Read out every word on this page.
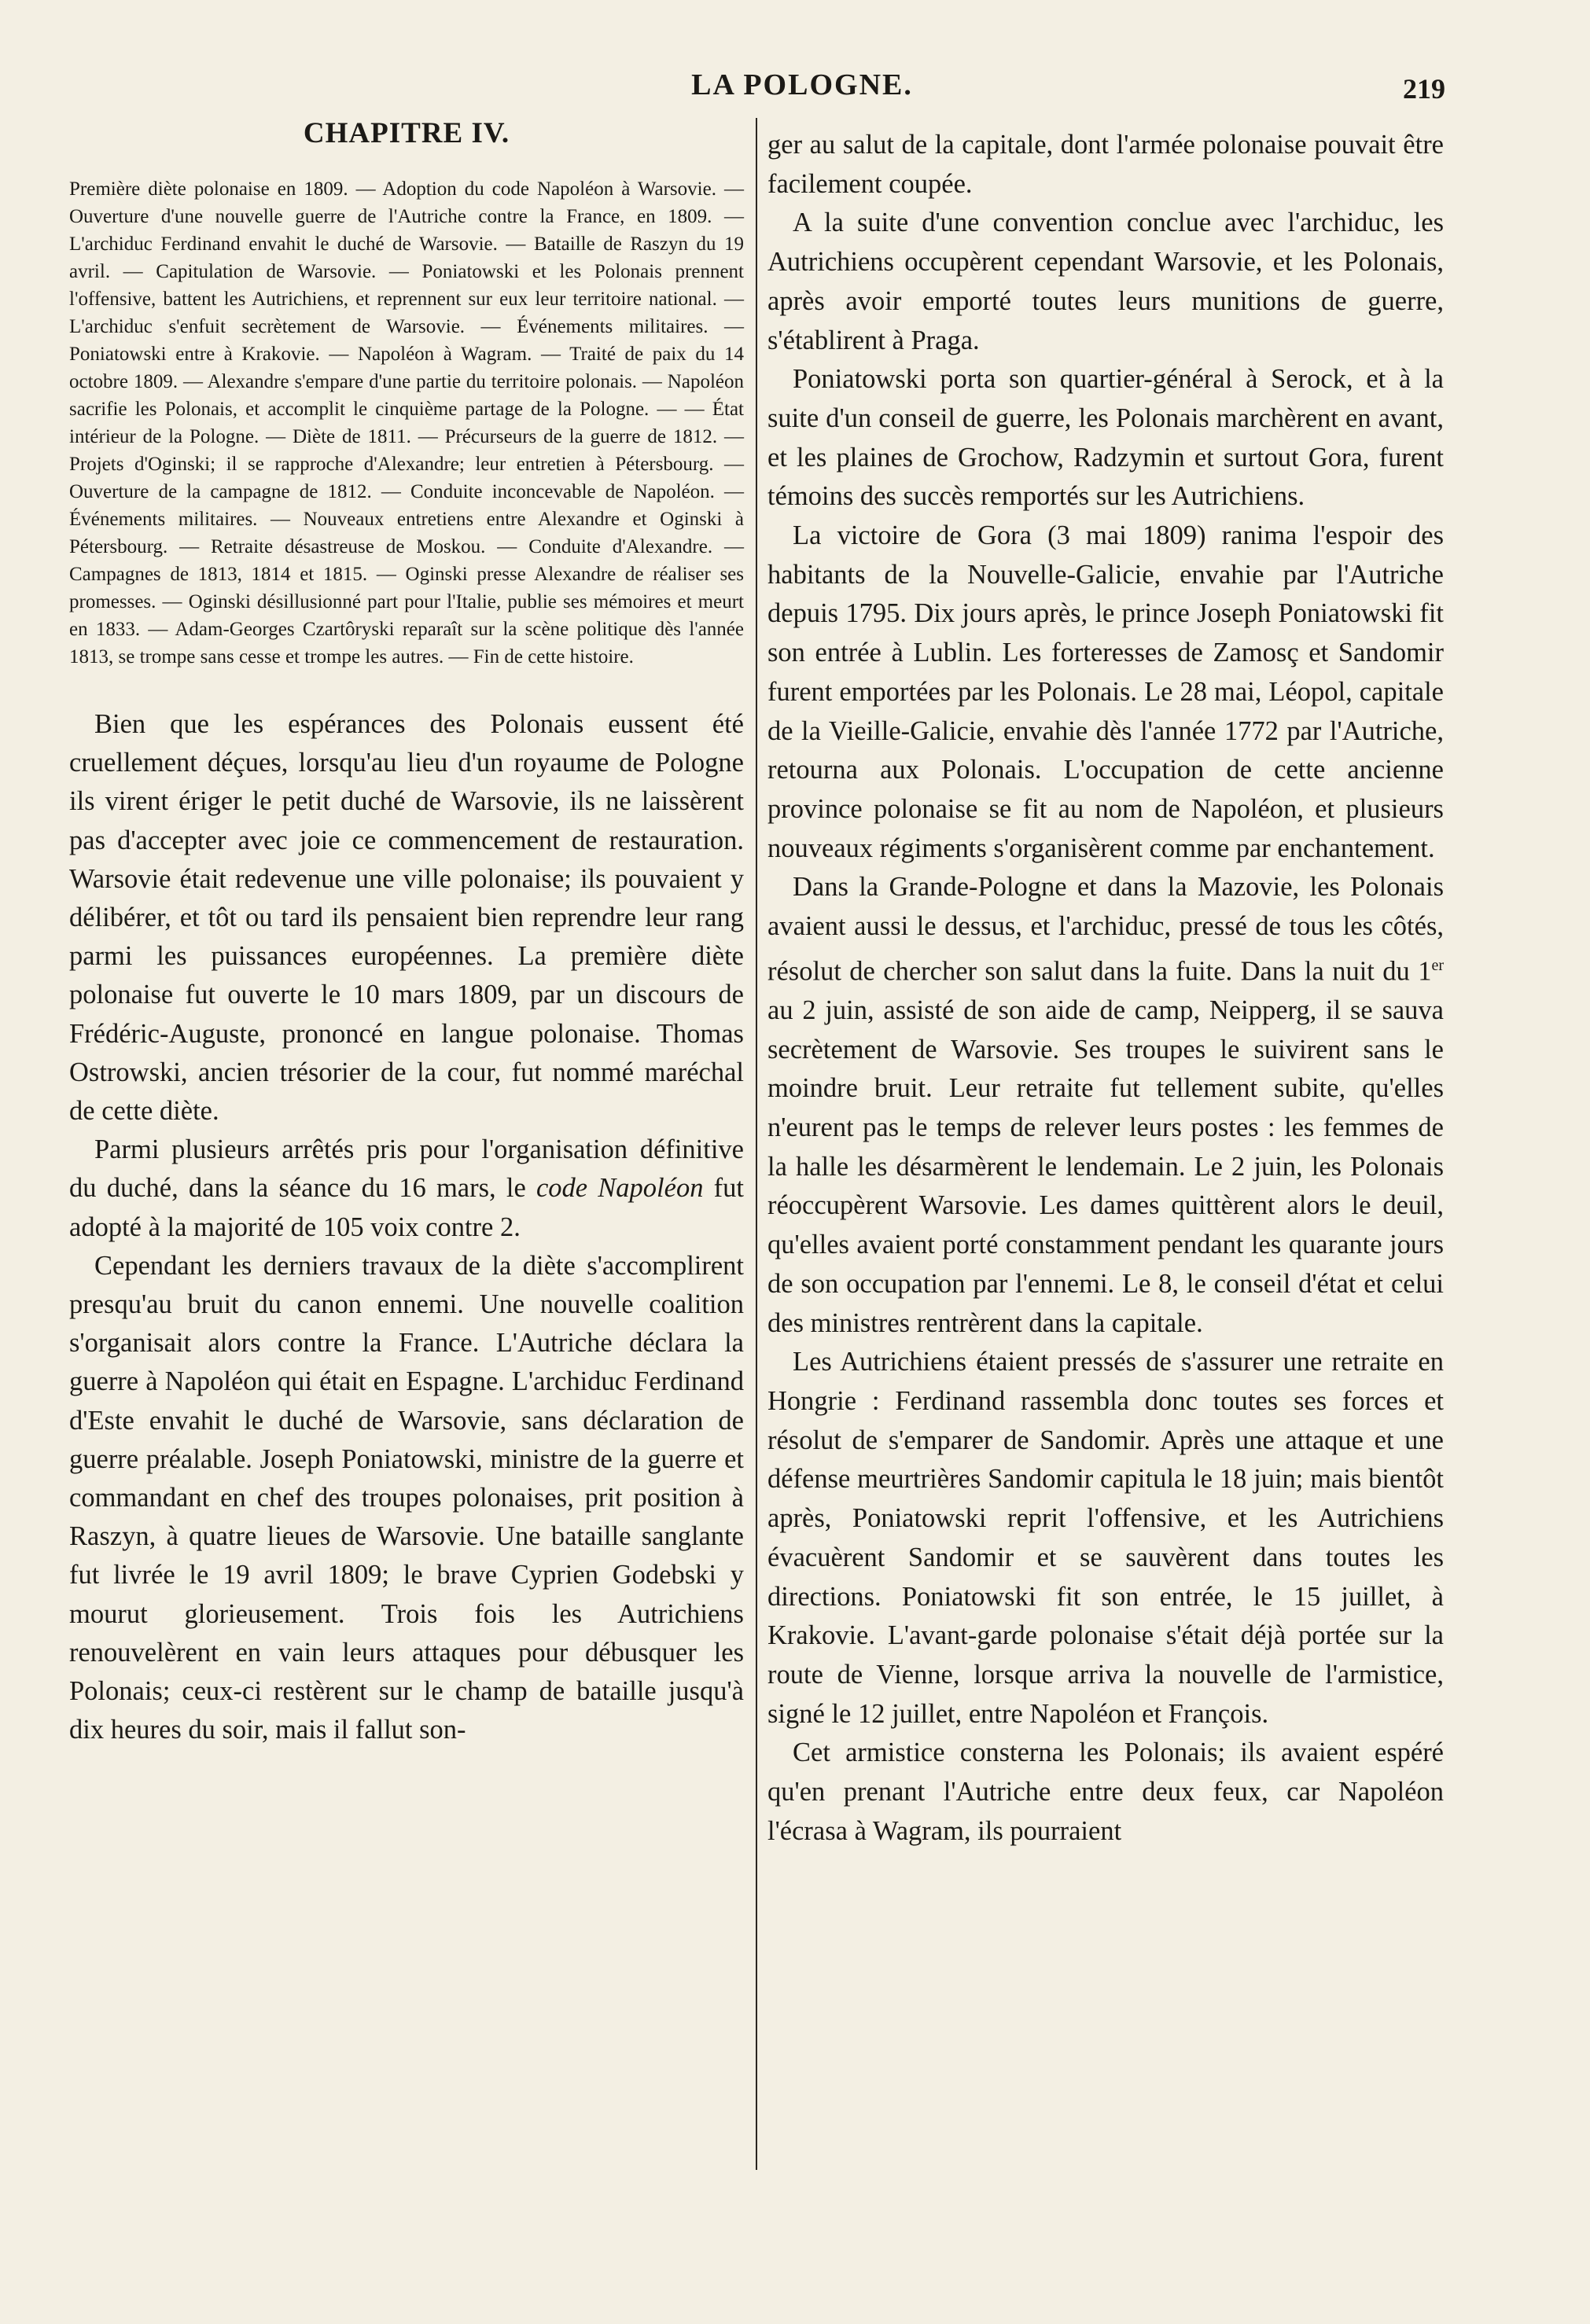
LA POLOGNE.	219
CHAPITRE IV.

Première diète polonaise en 1809. — Adoption du code Napoléon à Warsovie. — Ouverture d'une nouvelle guerre de l'Autriche contre la France, en 1809. — L'archiduc Ferdinand envahit le duché de Warsovie. — Bataille de Raszyn du 19 avril. — Capitulation de Warsovie. — Poniatowski et les Polonais prennent l'offensive, battent les Autrichiens, et reprennent sur eux leur territoire national. — L'archiduc s'enfuit secrètement de Warsovie. — Événements militaires. — Poniatowski entre à Krakovie. — Napoléon à Wagram. — Traité de paix du 14 octobre 1809. — Alexandre s'empare d'une partie du territoire polonais. — Napoléon sacrifie les Polonais, et accomplit le cinquième partage de la Pologne. — — État intérieur de la Pologne. — Diète de 1811. — Précurseurs de la guerre de 1812. — Projets d'Oginski; il se rapproche d'Alexandre; leur entretien à Pétersbourg. — Ouverture de la campagne de 1812. — Conduite inconcevable de Napoléon. — Événements militaires. — Nouveaux entretiens entre Alexandre et Oginski à Pétersbourg. — Retraite désastreuse de Moskou. — Conduite d'Alexandre. — Campagnes de 1813, 1814 et 1815. — Oginski presse Alexandre de réaliser ses promesses. — Oginski désillusionné part pour l'Italie, publie ses mémoires et meurt en 1833. — Adam-Georges Czartôryski reparaît sur la scène politique dès l'année 1813, se trompe sans cesse et trompe les autres. — Fin de cette histoire.

Bien que les espérances des Polonais eussent été cruellement déçues, lorsqu'au lieu d'un royaume de Pologne ils virent ériger le petit duché de Warsovie, ils ne laissèrent pas d'accepter avec joie ce commencement de restauration. Warsovie était redevenue une ville polonaise; ils pouvaient y délibérer, et tôt ou tard ils pensaient bien reprendre leur rang parmi les puissances européennes. La première diète polonaise fut ouverte le 10 mars 1809, par un discours de Frédéric-Auguste, prononcé en langue polonaise. Thomas Ostrowski, ancien trésorier de la cour, fut nommé maréchal de cette diète.

Parmi plusieurs arrêtés pris pour l'organisation définitive du duché, dans la séance du 16 mars, le code Napoléon fut adopté à la majorité de 105 voix contre 2.

Cependant les derniers travaux de la diète s'accomplirent presqu'au bruit du canon ennemi. Une nouvelle coalition s'organisait alors contre la France. L'Autriche déclara la guerre à Napoléon qui était en Espagne. L'archiduc Ferdinand d'Este envahit le duché de Warsovie, sans déclaration de guerre préalable. Joseph Poniatowski, ministre de la guerre et commandant en chef des troupes polonaises, prit position à Raszyn, à quatre lieues de Warsovie. Une bataille sanglante fut livrée le 19 avril 1809; le brave Cyprien Godebski y mourut glorieusement. Trois fois les Autrichiens renouvelèrent en vain leurs attaques pour débusquer les Polonais; ceux-ci restèrent sur le champ de bataille jusqu'à dix heures du soir, mais il fallut son-

ger au salut de la capitale, dont l'armée polonaise pouvait être facilement coupée.

A la suite d'une convention conclue avec l'archiduc, les Autrichiens occupèrent cependant Warsovie, et les Polonais, après avoir emporté toutes leurs munitions de guerre, s'établirent à Praga.

Poniatowski porta son quartier-général à Serock, et à la suite d'un conseil de guerre, les Polonais marchèrent en avant, et les plaines de Grochow, Radzymin et surtout Gora, furent témoins des succès remportés sur les Autrichiens.

La victoire de Gora (3 mai 1809) ranima l'espoir des habitants de la Nouvelle-Galicie, envahie par l'Autriche depuis 1795. Dix jours après, le prince Joseph Poniatowski fit son entrée à Lublin. Les forteresses de Zamosç et Sandomir furent emportées par les Polonais. Le 28 mai, Léopol, capitale de la Vieille-Galicie, envahie dès l'année 1772 par l'Autriche, retourna aux Polonais. L'occupation de cette ancienne province polonaise se fit au nom de Napoléon, et plusieurs nouveaux régiments s'organisèrent comme par enchantement.

Dans la Grande-Pologne et dans la Mazovie, les Polonais avaient aussi le dessus, et l'archiduc, pressé de tous les côtés, résolut de chercher son salut dans la fuite. Dans la nuit du 1er au 2 juin, assisté de son aide de camp, Neipperg, il se sauva secrètement de Warsovie. Ses troupes le suivirent sans le moindre bruit. Leur retraite fut tellement subite, qu'elles n'eurent pas le temps de relever leurs postes : les femmes de la halle les désarmèrent le lendemain. Le 2 juin, les Polonais réoccupèrent Warsovie. Les dames quittèrent alors le deuil, qu'elles avaient porté constamment pendant les quarante jours de son occupation par l'ennemi. Le 8, le conseil d'état et celui des ministres rentrèrent dans la capitale.

Les Autrichiens étaient pressés de s'assurer une retraite en Hongrie : Ferdinand rassembla donc toutes ses forces et résolut de s'emparer de Sandomir. Après une attaque et une défense meurtrières Sandomir capitula le 18 juin; mais bientôt après, Poniatowski reprit l'offensive, et les Autrichiens évacuèrent Sandomir et se sauvèrent dans toutes les directions. Poniatowski fit son entrée, le 15 juillet, à Krakovie. L'avant-garde polonaise s'était déjà portée sur la route de Vienne, lorsque arriva la nouvelle de l'armistice, signé le 12 juillet, entre Napoléon et François.

Cet armistice consterna les Polonais; ils avaient espéré qu'en prenant l'Autriche entre deux feux, car Napoléon l'écrasa à Wagram, ils pourraient
